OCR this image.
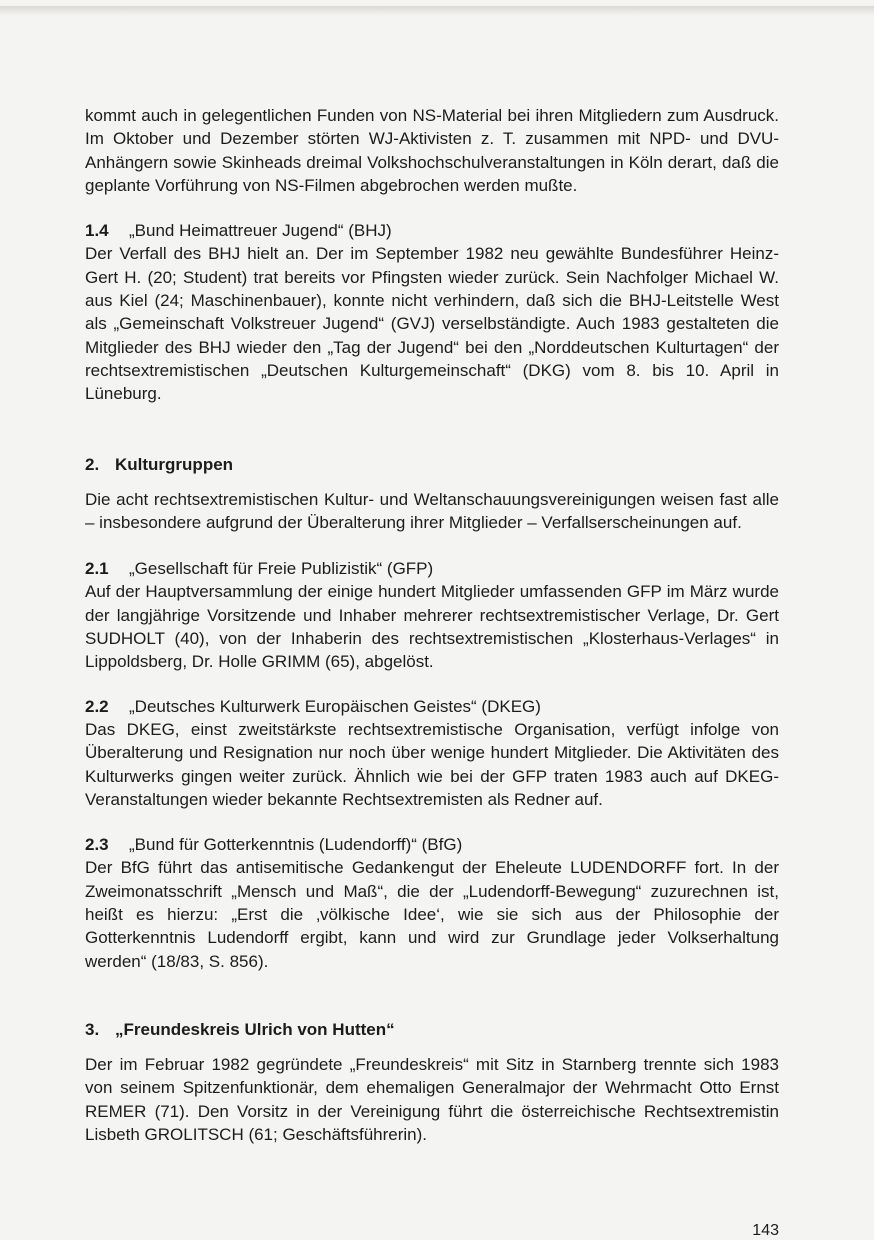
kommt auch in gelegentlichen Funden von NS-Material bei ihren Mitgliedern zum Ausdruck. Im Oktober und Dezember störten WJ-Aktivisten z. T. zusammen mit NPD- und DVU-Anhängern sowie Skinheads dreimal Volkshochschulveranstaltungen in Köln derart, daß die geplante Vorführung von NS-Filmen abgebrochen werden mußte.

1.4 „Bund Heimattreuer Jugend“ (BHJ)

Der Verfall des BHJ hielt an. Der im September 1982 neu gewählte Bundesführer Heinz-Gert H. (20; Student) trat bereits vor Pfingsten wieder zurück. Sein Nachfolger Michael W. aus Kiel (24; Maschinenbauer), konnte nicht verhindern, daß sich die BHJ-Leitstelle West als „Gemeinschaft Volkstreuer Jugend“ (GVJ) verselbständigte. Auch 1983 gestalteten die Mitglieder des BHJ wieder den „Tag der Jugend“ bei den „Norddeutschen Kulturtagen“ der rechtsextremistischen „Deutschen Kulturgemeinschaft“ (DKG) vom 8. bis 10. April in Lüneburg.

2. Kulturgruppen

Die acht rechtsextremistischen Kultur- und Weltanschauungsvereinigungen weisen fast alle – insbesondere aufgrund der Überalterung ihrer Mitglieder – Verfallserscheinungen auf.

2.1 „Gesellschaft für Freie Publizistik“ (GFP)

Auf der Hauptversammlung der einige hundert Mitglieder umfassenden GFP im März wurde der langjährige Vorsitzende und Inhaber mehrerer rechtsextremistischer Verlage, Dr. Gert SUDHOLT (40), von der Inhaberin des rechtsextremistischen „Klosterhaus-Verlages“ in Lippoldsberg, Dr. Holle GRIMM (65), abgelöst.

2.2 „Deutsches Kulturwerk Europäischen Geistes“ (DKEG)

Das DKEG, einst zweitstärkste rechtsextremistische Organisation, verfügt infolge von Überalterung und Resignation nur noch über wenige hundert Mitglieder. Die Aktivitäten des Kulturwerks gingen weiter zurück. Ähnlich wie bei der GFP traten 1983 auch auf DKEG-Veranstaltungen wieder bekannte Rechtsextremisten als Redner auf.

2.3 „Bund für Gotterkenntnis (Ludendorff)“ (BfG)

Der BfG führt das antisemitische Gedankengut der Eheleute LUDENDORFF fort. In der Zweimonatsschrift „Mensch und Maß“, die der „Ludendorff-Bewegung“ zuzurechnen ist, heißt es hierzu: „Erst die ‚völkische Idee‘, wie sie sich aus der Philosophie der Gotterkenntnis Ludendorff ergibt, kann und wird zur Grundlage jeder Volkserhaltung werden“ (18/83, S. 856).

3. „Freundeskreis Ulrich von Hutten“

Der im Februar 1982 gegründete „Freundeskreis“ mit Sitz in Starnberg trennte sich 1983 von seinem Spitzenfunktionär, dem ehemaligen Generalmajor der Wehrmacht Otto Ernst REMER (71). Den Vorsitz in der Vereinigung führt die österreichische Rechtsextremistin Lisbeth GROLITSCH (61; Geschäftsführerin).

143
